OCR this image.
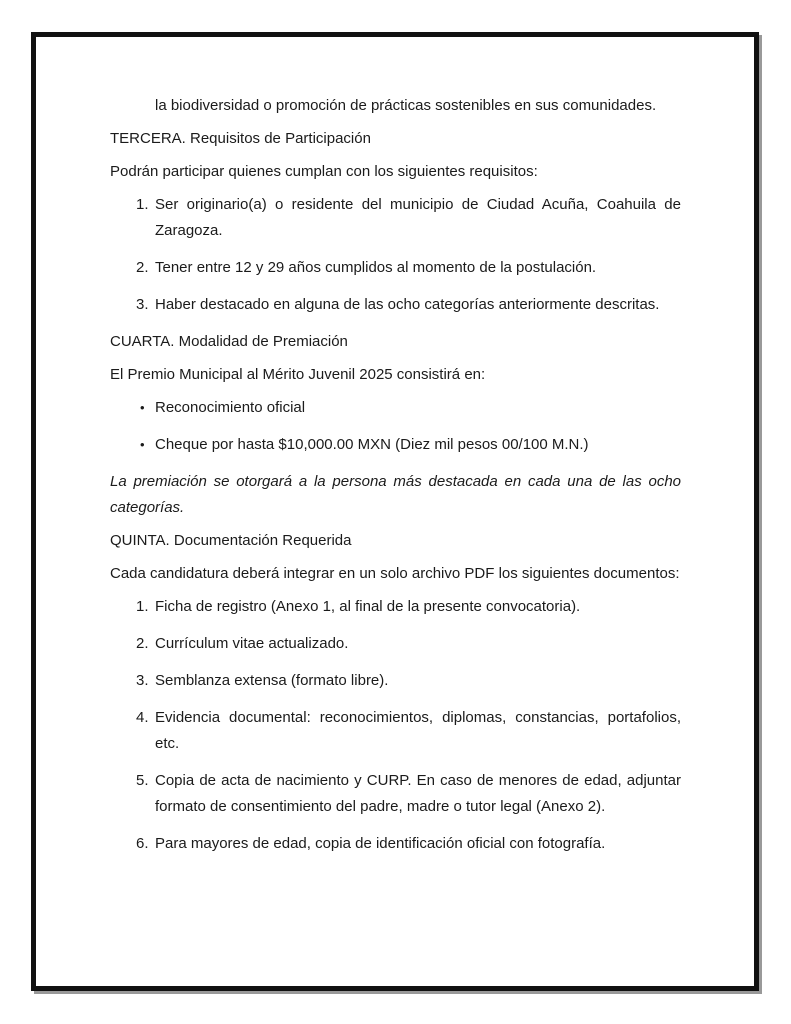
la biodiversidad o promoción de prácticas sostenibles en sus comunidades.

TERCERA. Requisitos de Participación

Podrán participar quienes cumplan con los siguientes requisitos:

1. Ser originario(a) o residente del municipio de Ciudad Acuña, Coahuila de Zaragoza.
2. Tener entre 12 y 29 años cumplidos al momento de la postulación.
3. Haber destacado en alguna de las ocho categorías anteriormente descritas.

CUARTA. Modalidad de Premiación

El Premio Municipal al Mérito Juvenil 2025 consistirá en:

• Reconocimiento oficial
• Cheque por hasta $10,000.00 MXN (Diez mil pesos 00/100 M.N.)

La premiación se otorgará a la persona más destacada en cada una de las ocho categorías.

QUINTA. Documentación Requerida

Cada candidatura deberá integrar en un solo archivo PDF los siguientes documentos:

1. Ficha de registro (Anexo 1, al final de la presente convocatoria).
2. Currículum vitae actualizado.
3. Semblanza extensa (formato libre).
4. Evidencia documental: reconocimientos, diplomas, constancias, portafolios, etc.
5. Copia de acta de nacimiento y CURP. En caso de menores de edad, adjuntar formato de consentimiento del padre, madre o tutor legal (Anexo 2).
6. Para mayores de edad, copia de identificación oficial con fotografía.
